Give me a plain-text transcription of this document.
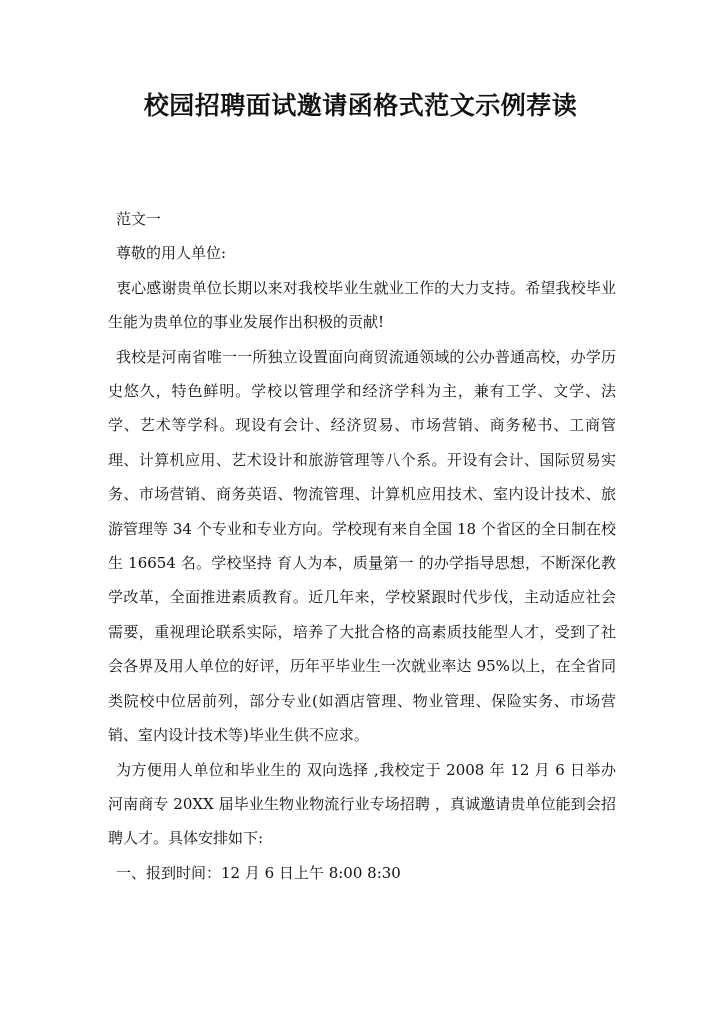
校园招聘面试邀请函格式范文示例荐读

范文一

尊敬的用人单位:

衷心感谢贵单位长期以来对我校毕业生就业工作的大力支持。希望我校毕业生能为贵单位的事业发展作出积极的贡献!

我校是河南省唯一一所独立设置面向商贸流通领域的公办普通高校，办学历史悠久，特色鲜明。学校以管理学和经济学科为主，兼有工学、文学、法学、艺术等学科。现设有会计、经济贸易、市场营销、商务秘书、工商管理、计算机应用、艺术设计和旅游管理等八个系。开设有会计、国际贸易实务、市场营销、商务英语、物流管理、计算机应用技术、室内设计技术、旅游管理等 34 个专业和专业方向。学校现有来自全国 18 个省区的全日制在校生 16654 名。学校坚持 育人为本，质量第一 的办学指导思想，不断深化教学改革，全面推进素质教育。近几年来，学校紧跟时代步伐，主动适应社会需要，重视理论联系实际，培养了大批合格的高素质技能型人才，受到了社会各界及用人单位的好评，历年平毕业生一次就业率达 95%以上，在全省同类院校中位居前列，部分专业(如酒店管理、物业管理、保险实务、市场营销、室内设计技术等)毕业生供不应求。

为方便用人单位和毕业生的 双向选择 ,我校定于 2008 年 12 月 6 日举办 河南商专 20XX 届毕业生物业物流行业专场招聘 ，真诚邀请贵单位能到会招聘人才。具体安排如下:

一、报到时间：12 月 6 日上午 8:00 8:30
